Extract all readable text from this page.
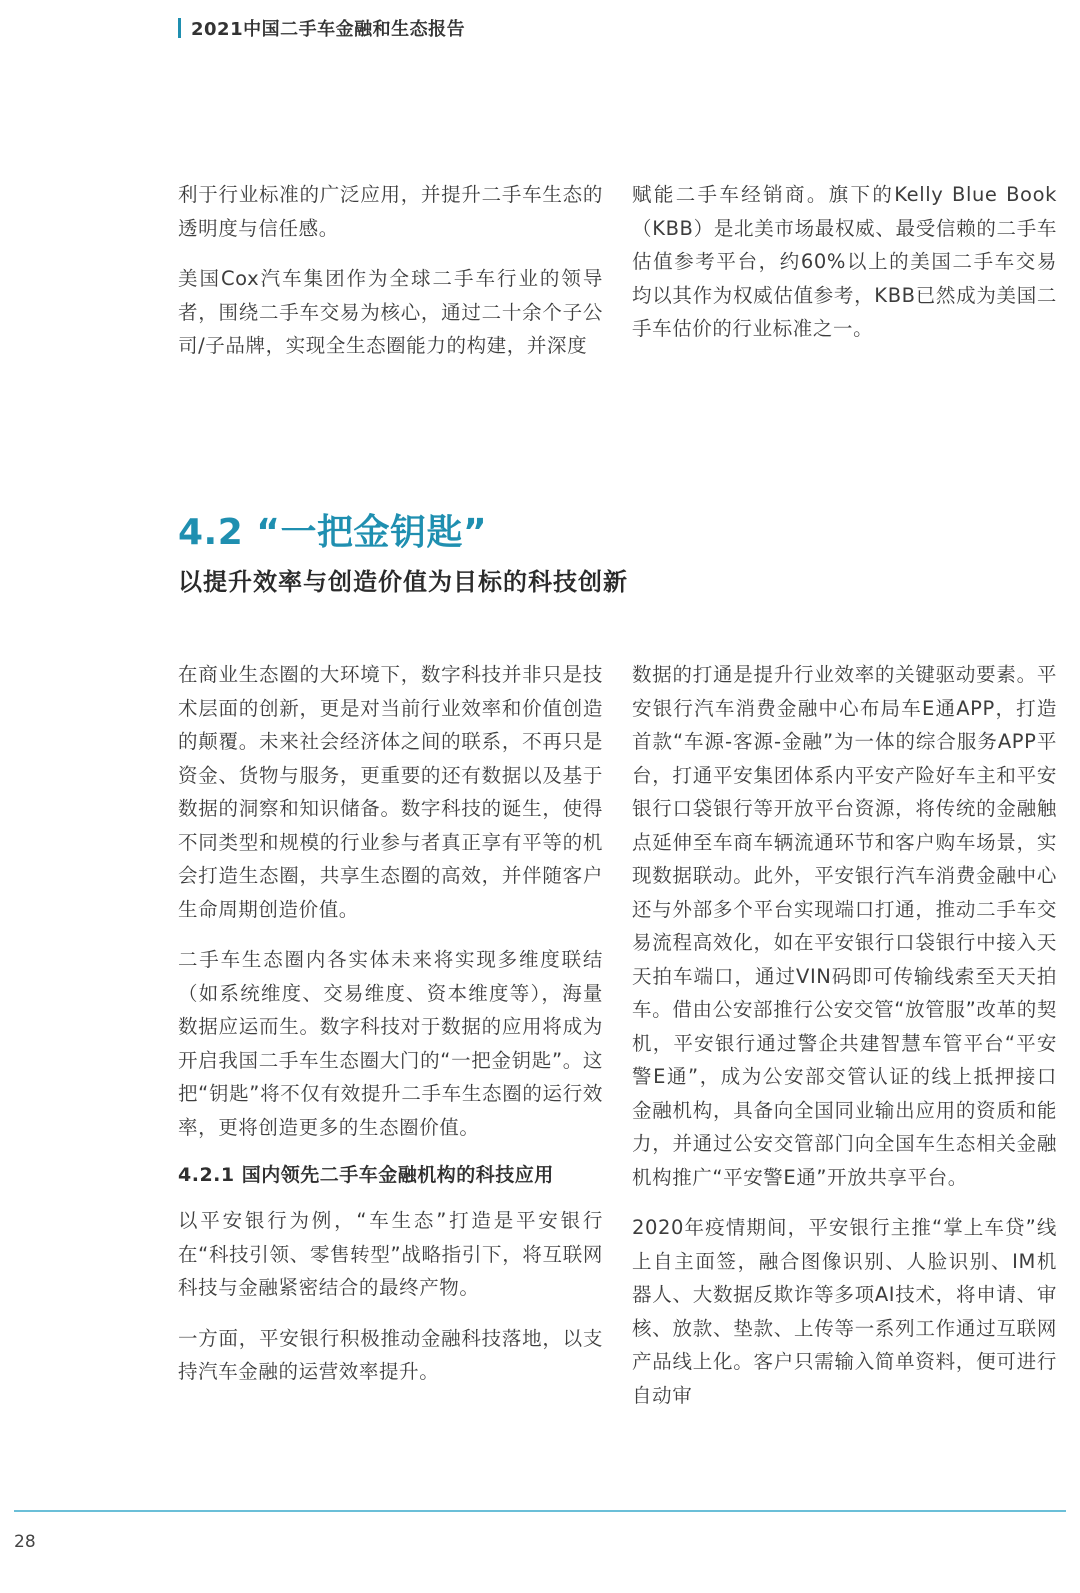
2021中国二手车金融和生态报告

利于行业标准的广泛应用，并提升二手车生态的透明度与信任感。

美国Cox汽车集团作为全球二手车行业的领导者，围绕二手车交易为核心，通过二十余个子公司/子品牌，实现全生态圈能力的构建，并深度

赋能二手车经销商。旗下的Kelly Blue Book（KBB）是北美市场最权威、最受信赖的二手车估值参考平台，约60%以上的美国二手车交易均以其作为权威估值参考，KBB已然成为美国二手车估价的行业标准之一。

4.2 “一把金钥匙”
以提升效率与创造价值为目标的科技创新

在商业生态圈的大环境下，数字科技并非只是技术层面的创新，更是对当前行业效率和价值创造的颠覆。未来社会经济体之间的联系，不再只是资金、货物与服务，更重要的还有数据以及基于数据的洞察和知识储备。数字科技的诞生，使得不同类型和规模的行业参与者真正享有平等的机会打造生态圈，共享生态圈的高效，并伴随客户生命周期创造价值。

二手车生态圈内各实体未来将实现多维度联结（如系统维度、交易维度、资本维度等），海量数据应运而生。数字科技对于数据的应用将成为开启我国二手车生态圈大门的“一把金钥匙”。这把“钥匙”将不仅有效提升二手车生态圈的运行效率，更将创造更多的生态圈价值。

4.2.1 国内领先二手车金融机构的科技应用

以平安银行为例，“车生态”打造是平安银行在“科技引领、零售转型”战略指引下，将互联网科技与金融紧密结合的最终产物。

一方面，平安银行积极推动金融科技落地，以支持汽车金融的运营效率提升。

数据的打通是提升行业效率的关键驱动要素。平安银行汽车消费金融中心布局车E通APP，打造首款“车源-客源-金融”为一体的综合服务APP平台，打通平安集团体系内平安产险好车主和平安银行口袋银行等开放平台资源，将传统的金融触点延伸至车商车辆流通环节和客户购车场景，实现数据联动。此外，平安银行汽车消费金融中心还与外部多个平台实现端口打通，推动二手车交易流程高效化，如在平安银行口袋银行中接入天天拍车端口，通过VIN码即可传输线索至天天拍车。借由公安部推行公安交管“放管服”改革的契机，平安银行通过警企共建智慧车管平台“平安警E通”，成为公安部交管认证的线上抵押接口金融机构，具备向全国同业输出应用的资质和能力，并通过公安交管部门向全国车生态相关金融机构推广“平安警E通”开放共享平台。

2020年疫情期间，平安银行主推“掌上车贷”线上自主面签，融合图像识别、人脸识别、IM机器人、大数据反欺诈等多项AI技术，将申请、审核、放款、垫款、上传等一系列工作通过互联网产品线上化。客户只需输入简单资料，便可进行自动审

28
